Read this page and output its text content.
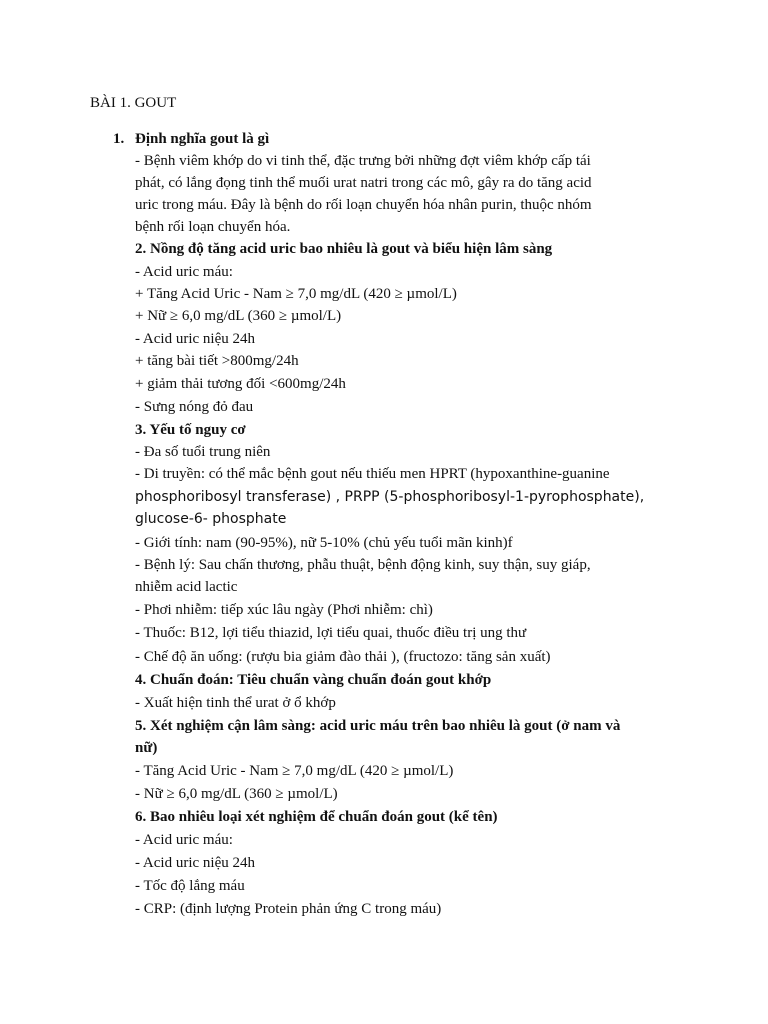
BÀI 1. GOUT
1. Định nghĩa gout là gì
- Bệnh viêm khớp do vi tinh thể, đặc trưng bởi những đợt viêm khớp cấp tái
phát, có lắng đọng tinh thể muối urat natri trong các mô, gây ra do tăng acid
uric trong máu. Đây là bệnh do rối loạn chuyển hóa nhân purin, thuộc nhóm
bệnh rối loạn chuyển hóa.
2. Nồng độ tăng acid uric bao nhiêu là gout và biểu hiện lâm sàng
- Acid uric máu:
+ Tăng Acid Uric - Nam ≥ 7,0 mg/dL (420 ≥ µmol/L)
+ Nữ ≥ 6,0 mg/dL (360 ≥ µmol/L)
- Acid uric niệu 24h
+ tăng bài tiết >800mg/24h
+ giảm thải tương đối <600mg/24h
- Sưng nóng đỏ đau
3. Yếu tố nguy cơ
- Đa số tuổi trung niên
- Di truyền: có thể mắc bệnh gout nếu thiếu men HPRT (hypoxanthine-guanine
phosphoribosyl transferase) , PRPP (5-phosphoribosyl-1-pyrophosphate),
glucose-6- phosphate
- Giới tính: nam (90-95%), nữ 5-10% (chủ yếu tuổi mãn kinh)f
- Bệnh lý: Sau chấn thương, phẫu thuật, bệnh động kinh, suy thận, suy giáp,
nhiễm acid lactic
- Phơi nhiễm: tiếp xúc lâu ngày (Phơi nhiễm: chì)
- Thuốc: B12, lợi tiểu thiazid, lợi tiểu quai, thuốc điều trị ung thư
- Chế độ ăn uống: (rượu bia giảm đào thải ), (fructozo: tăng sản xuất)
4. Chuẩn đoán: Tiêu chuẩn vàng chuẩn đoán gout khớp
- Xuất hiện tinh thể urat ở ổ khớp
5. Xét nghiệm cận lâm sàng: acid uric máu trên bao nhiêu là gout (ở nam và
nữ)
- Tăng Acid Uric - Nam ≥ 7,0 mg/dL (420 ≥ µmol/L)
- Nữ ≥ 6,0 mg/dL (360 ≥ µmol/L)
6. Bao nhiêu loại xét nghiệm để chuẩn đoán gout (kể tên)
- Acid uric máu:
- Acid uric niệu 24h
- Tốc độ lắng máu
- CRP: (định lượng Protein phản ứng C trong máu)
